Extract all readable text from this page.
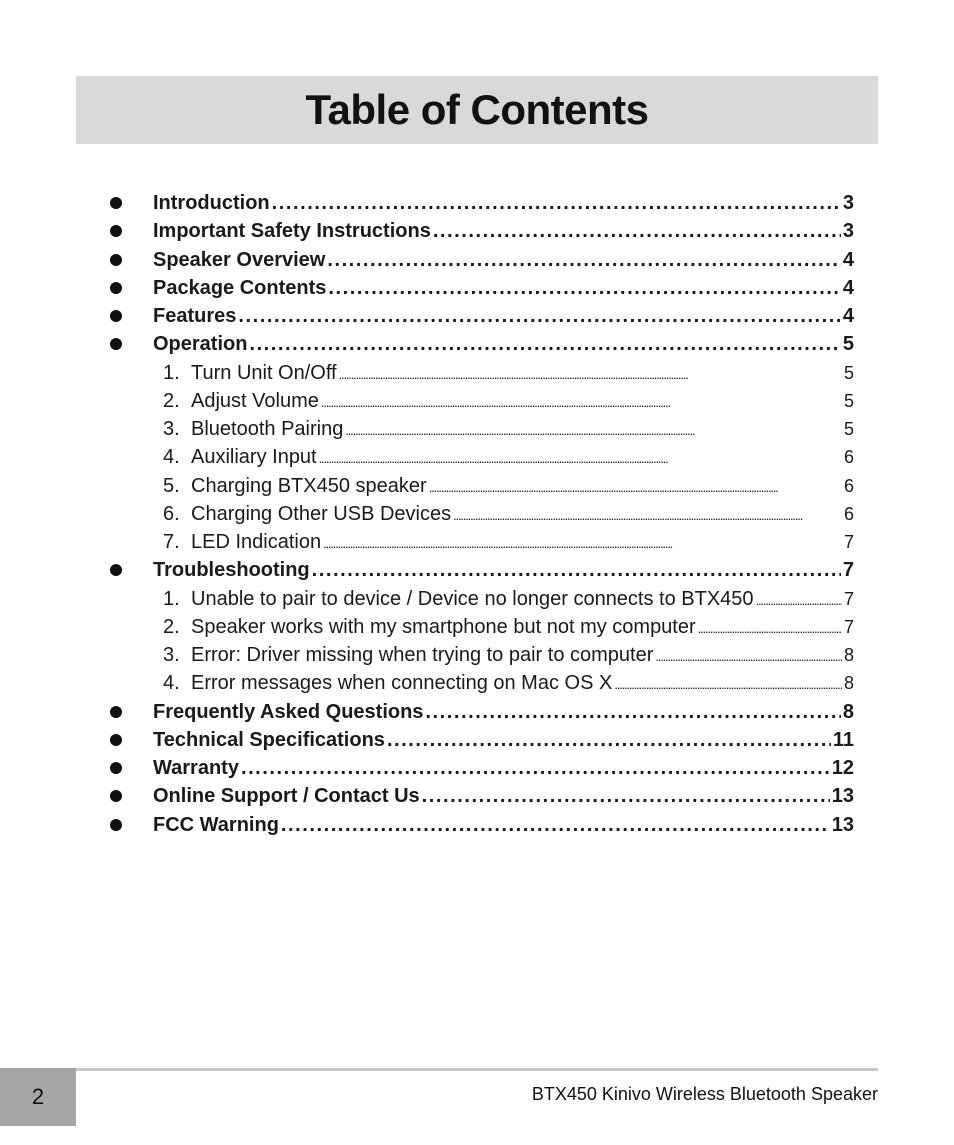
Table of Contents
Introduction . . .	3
Important Safety Instructions . . .	3
Speaker Overview . . .	4
Package Contents . . .	4
Features . . .	4
Operation . . .	5
1. Turn Unit On/Off . . .	5
2. Adjust Volume . . .	5
3. Bluetooth Pairing . . .	5
4. Auxiliary Input . . .	6
5. Charging BTX450 speaker . . .	6
6. Charging Other USB Devices . . .	6
7. LED Indication . . .	7
Troubleshooting . . .	7
1. Unable to pair to device / Device no longer connects to BTX450 . . .	7
2. Speaker works with my smartphone but not my computer . . .	7
3. Error: Driver missing when trying to pair to computer . . .	8
4. Error messages when connecting on Mac OS X . . .	8
Frequently Asked Questions . . .	8
Technical Specifications . . .	11
Warranty . . .	12
Online Support / Contact Us . . .	13
FCC Warning . . .	13
2	BTX450 Kinivo Wireless Bluetooth Speaker
